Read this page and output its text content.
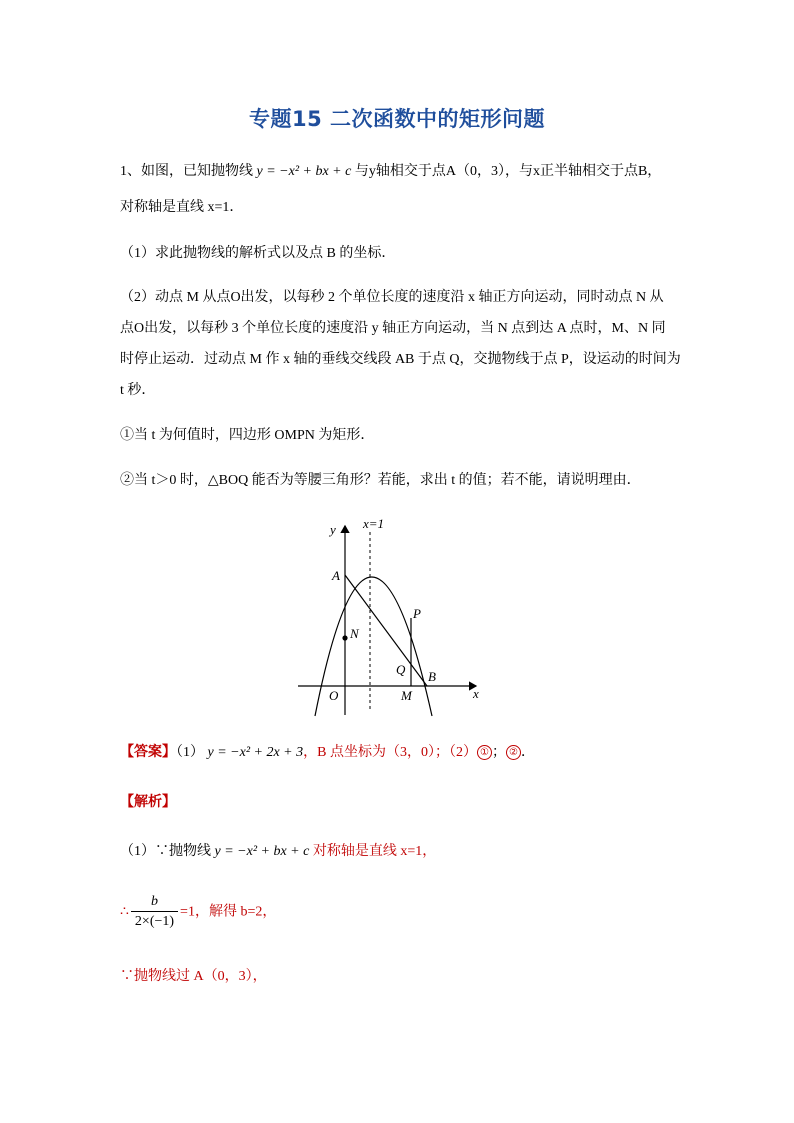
专题15 二次函数中的矩形问题
1、如图，已知抛物线 y = −x² + bx + c 与y轴相交于点A（0，3），与x正半轴相交于点B，
对称轴是直线 x=1．
（1）求此抛物线的解析式以及点 B 的坐标．
（2）动点 M 从点O出发，以每秒 2 个单位长度的速度沿 x 轴正方向运动，同时动点 N 从
点O出发，以每秒 3 个单位长度的速度沿 y 轴正方向运动，当 N 点到达 A 点时，M、N 同
时停止运动．过动点 M 作 x 轴的垂线交线段 AB 于点 Q，交抛物线于点 P，设运动的时间为
t 秒．
①当 t 为何值时，四边形 OMPN 为矩形．
②当 t＞0 时，△BOQ 能否为等腰三角形？若能，求出 t 的值；若不能，请说明理由．
x=1
y
x
A
N
P
Q
O	M
B
【答案】（1） y = −x² + 2x + 3，B 点坐标为（3，0）；（2） ① ； ② ．
【解析】
（1）∵抛物线 y = −x² + bx + c 对称轴是直线 x=1，
∴ $\frac{b}{2\times(-1)} =1$，解得 b=2，
∵抛物线过 A（0，3），
